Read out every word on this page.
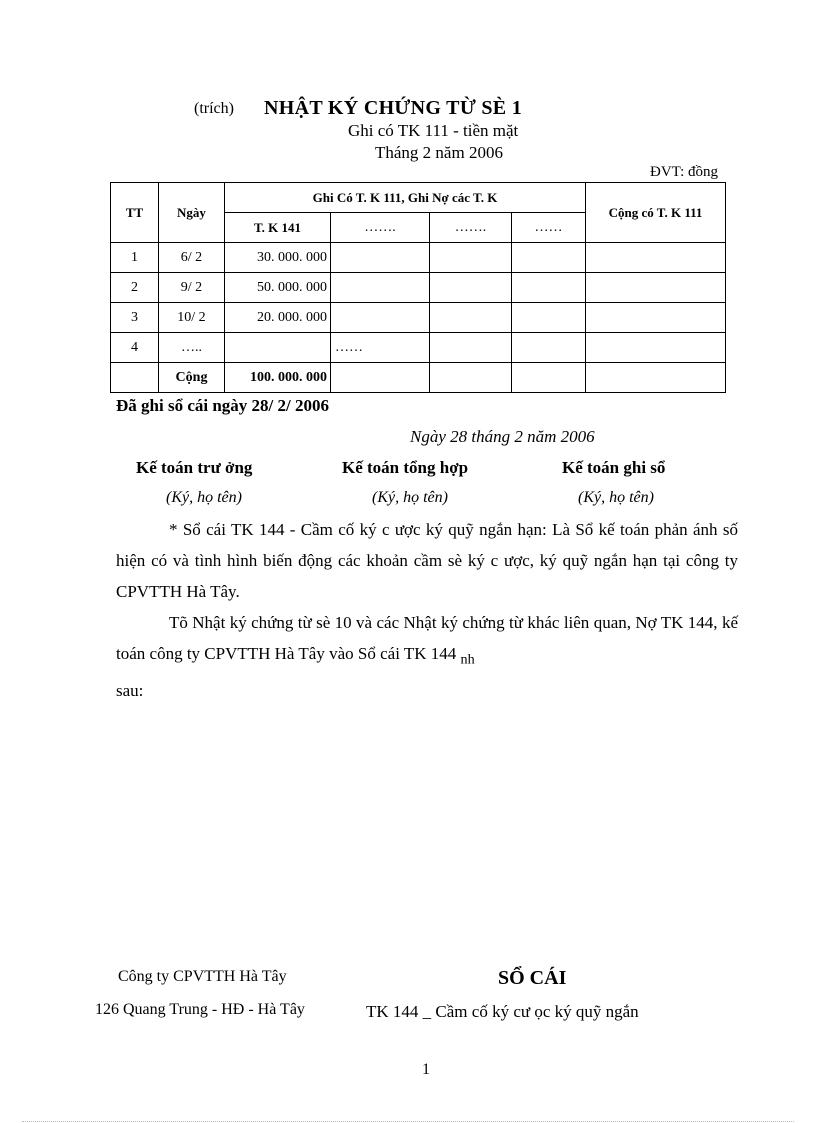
(trích) NHẬT KÝ CHỨNG TỪ SÈ 1
Ghi có TK 111 - tiền mặt
Tháng 2 năm 2006
ĐVT: đồng
TT	Ngày	Ghi Có T. K 111, Ghi Nợ các T. K				Cộng có T. K 111
		T. K 141	…….	…….	……	
1	6/ 2	30. 000. 000				
2	9/ 2	50. 000. 000				
3	10/ 2	20. 000. 000				
4	…..		……			
	Cộng	100. 000. 000				
Đã ghi sổ cái ngày 28/ 2/ 2006
Ngày 28 tháng 2 năm 2006
Kế toán trư ởng	Kế toán tổng hợp	Kế toán ghi sổ
(Ký, họ tên)	(Ký, họ tên)	(Ký, họ tên)

* Sổ cái TK 144 - Cầm cố ký c ược ký quỹ ngắn hạn: Là Sổ kế toán phản ánh số hiện có và tình hình biến động các khoản cầm sè ký c ược, ký quỹ ngắn hạn tại công ty CPVTTH Hà Tây.

Tõ Nhật ký chứng từ sè 10 và các Nhật ký chứng từ khác liên quan, Nợ TK 144, kế toán công ty CPVTTH Hà Tây vào Sổ cái TK 144 $_{nh}$
sau:

Công ty CPVTTH Hà Tây
126 Quang Trung - HĐ - Hà Tây
SỔ CÁI
TK 144 _ Cầm cố ký cư ọc ký quỹ ngắn
1
